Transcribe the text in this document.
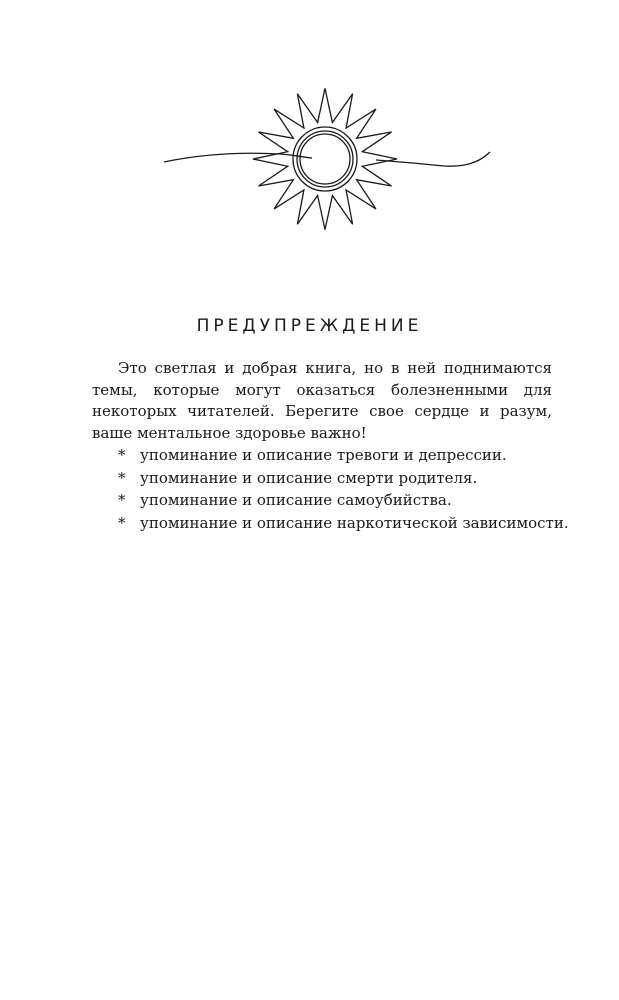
ПРЕДУПРЕЖДЕНИЕ
Это светлая и добрая книга, но в ней поднимаются темы, которые могут оказаться болезненными для некоторых читателей. Берегите свое сердце и разум, ваше ментальное здоровье важно!
* упоминание и описание тревоги и депрессии.
* упоминание и описание смерти родителя.
* упоминание и описание самоубийства.
* упоминание и описание наркотической зависимости.
